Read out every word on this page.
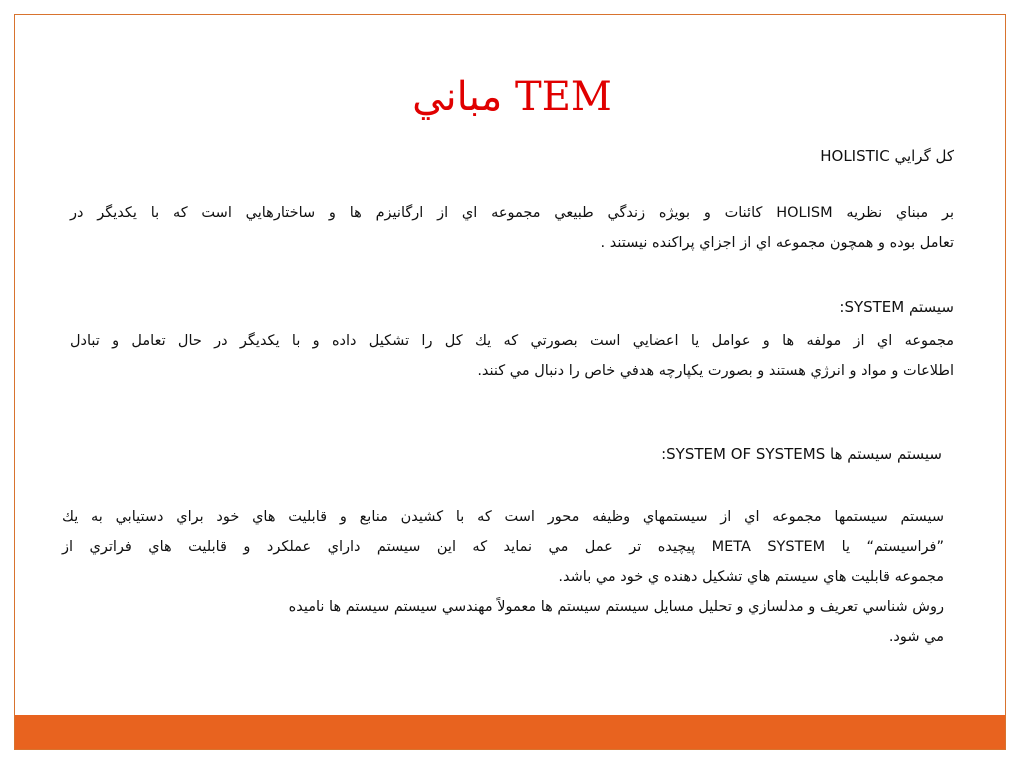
مباني TEM

كل گرايي HOLISTIC

بر مبناي نظريه HOLISM كائنات و بويژه زندگي طبيعي مجموعه اي از ارگانيزم ها و ساختارهايي است كه با يكديگر در
تعامل بوده و همچون مجموعه اي از اجزاي پراكنده نيستند .

سيستم SYSTEM:

مجموعه اي از مولفه ها و عوامل يا اعضايي است بصورتي كه يك كل را تشكيل داده و با يكديگر در حال تعامل و تبادل
اطلاعات و مواد و انرژي هستند و بصورت يكپارچه هدفي خاص را دنبال مي كنند.

سيستم سيستم ها SYSTEM OF SYSTEMS:

سيستم سيستمها مجموعه اي از سيستمهاي وظيفه محور است كه با كشيدن منابع و قابليت هاي خود براي دستيابي به يك
”فراسيستم“ يا META SYSTEM پيچيده تر عمل مي نمايد كه اين سيستم داراي عملكرد و قابليت هاي فراتري از
مجموعه قابليت هاي سيستم هاي تشكيل دهنده ي خود مي باشد.
روش شناسي تعريف و مدلسازي و تحليل مسايل سيستم سيستم ها معمولاً مهندسي سيستم سيستم ها ناميده
مي شود.
